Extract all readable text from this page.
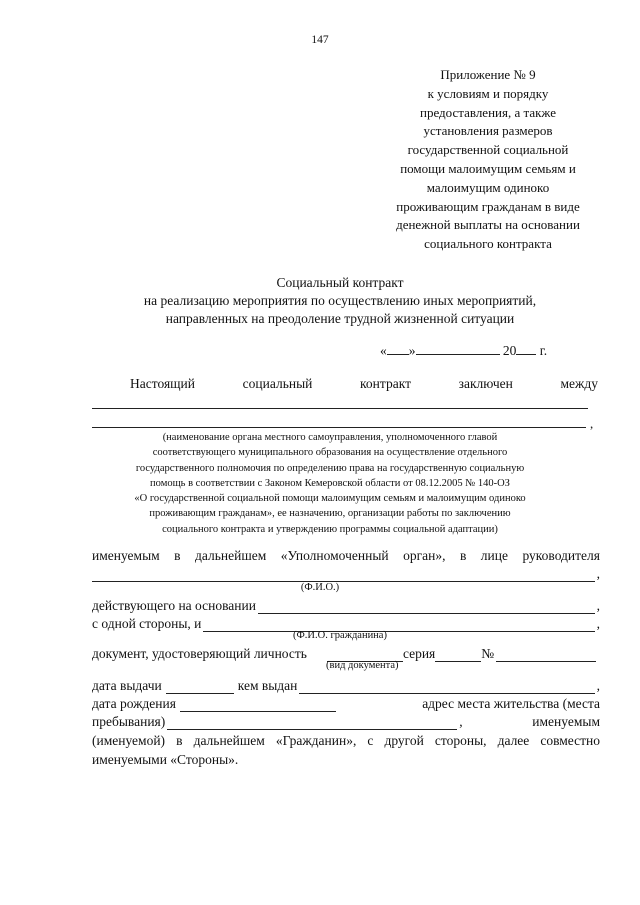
147
Приложение № 9
к условиям и порядку
предоставления, а также
установления размеров
государственной социальной
помощи малоимущим семьям и
малоимущим одиноко
проживающим гражданам в виде
денежной выплаты на основании
социального контракта
Социальный контракт
на реализацию мероприятия по осуществлению иных мероприятий,
направленных на преодоление трудной жизненной ситуации
« »	20 г.
Настоящий	социальный	контракт	заключен	между
,
(наименование органа местного самоуправления, уполномоченного главой
соответствующего муниципального образования на осуществление отдельного
государственного полномочия по определению права на государственную социальную
помощь в соответствии с Законом Кемеровской области от 08.12.2005 № 140-ОЗ
«О государственной социальной помощи малоимущим семьям и малоимущим одиноко
проживающим гражданам», ее назначению, организации работы по заключению
социального контракта и утверждению программы социальной адаптации)
именуемым в дальнейшем «Уполномоченный орган», в лице руководителя
,
(Ф.И.О.)
действующего на основании	,
с одной стороны, и	,
(Ф.И.О. гражданина)
документ, удостоверяющий личность	серия	№
(вид документа)
дата выдачи	кем выдан	,
дата рождения	адрес места жительства (места
пребывания)	,	именуемым
(именуемой) в дальнейшем «Гражданин», с другой стороны, далее совместно именуемыми «Стороны».
